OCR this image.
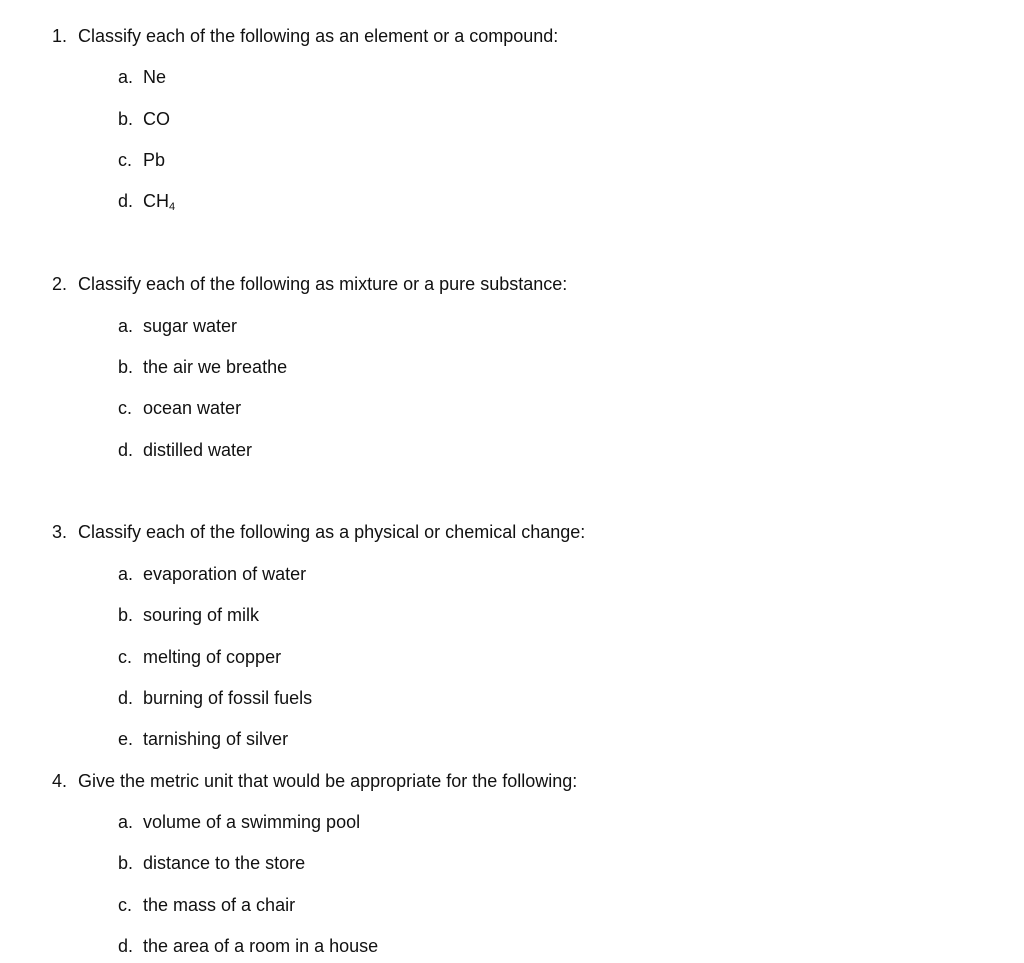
1. Classify each of the following as an element or a compound:
a. Ne
b. CO
c. Pb
d. $CH_4$
2. Classify each of the following as mixture or a pure substance:
a. sugar water
b. the air we breathe
c. ocean water
d. distilled water
3. Classify each of the following as a physical or chemical change:
a. evaporation of water
b. souring of milk
c. melting of copper
d. burning of fossil fuels
e. tarnishing of silver
4. Give the metric unit that would be appropriate for the following:
a. volume of a swimming pool
b. distance to the store
c. the mass of a chair
d. the area of a room in a house
